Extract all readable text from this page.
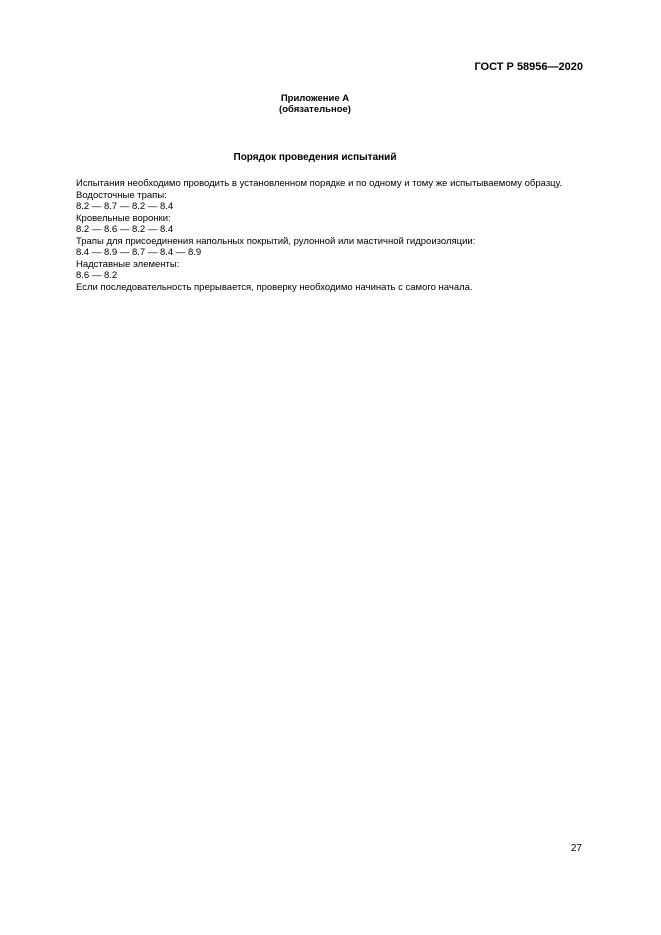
ГОСТ Р 58956—2020
Приложение А
(обязательное)
Порядок проведения испытаний
Испытания необходимо проводить в установленном порядке и по одному и тому же испытываемому образцу.
Водосточные трапы:
8.2 — 8.7 — 8.2 — 8.4
Кровельные воронки:
8.2 — 8.6 — 8.2 — 8.4
Трапы для присоединения напольных покрытий, рулонной или мастичной гидроизоляции:
8.4 — 8.9 — 8.7 — 8.4 — 8.9
Надставные элементы:
8.6 — 8.2
Если последовательность прерывается, проверку необходимо начинать с самого начала.
27
